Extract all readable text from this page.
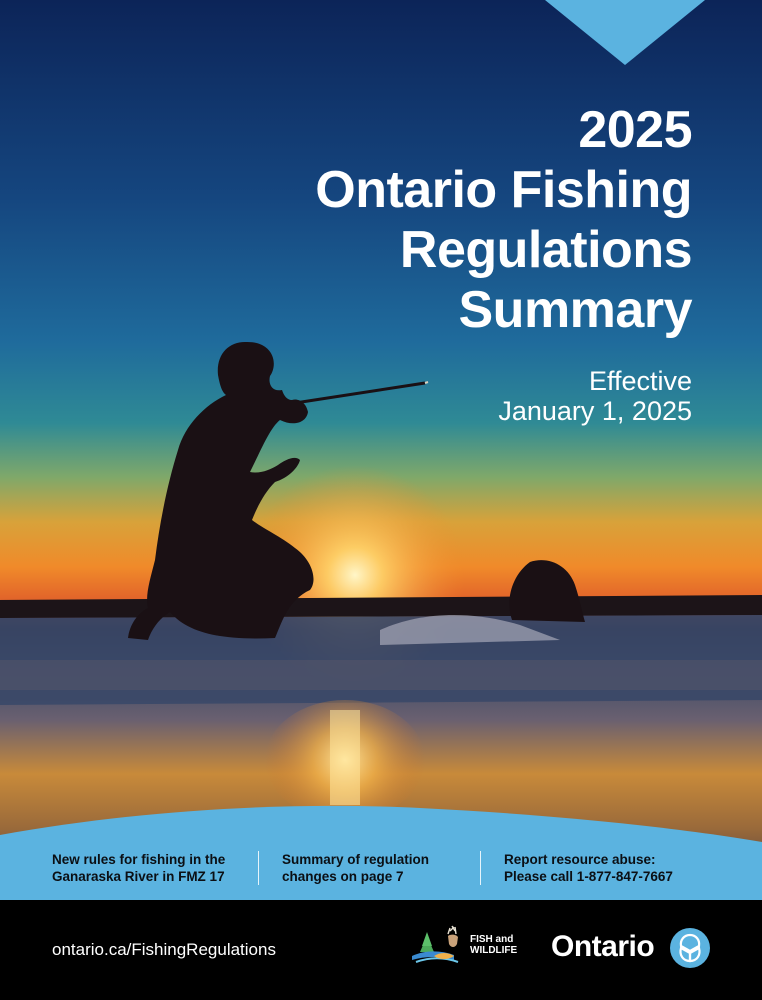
2025
Ontario Fishing
Regulations
Summary
Effective
January 1, 2025
New rules for fishing in the
Ganaraska River in FMZ 17
Summary of regulation
changes on page 7
Report resource abuse:
Please call 1-877-847-7667
ontario.ca/FishingRegulations
FISH and
WILDLIFE Ontario
